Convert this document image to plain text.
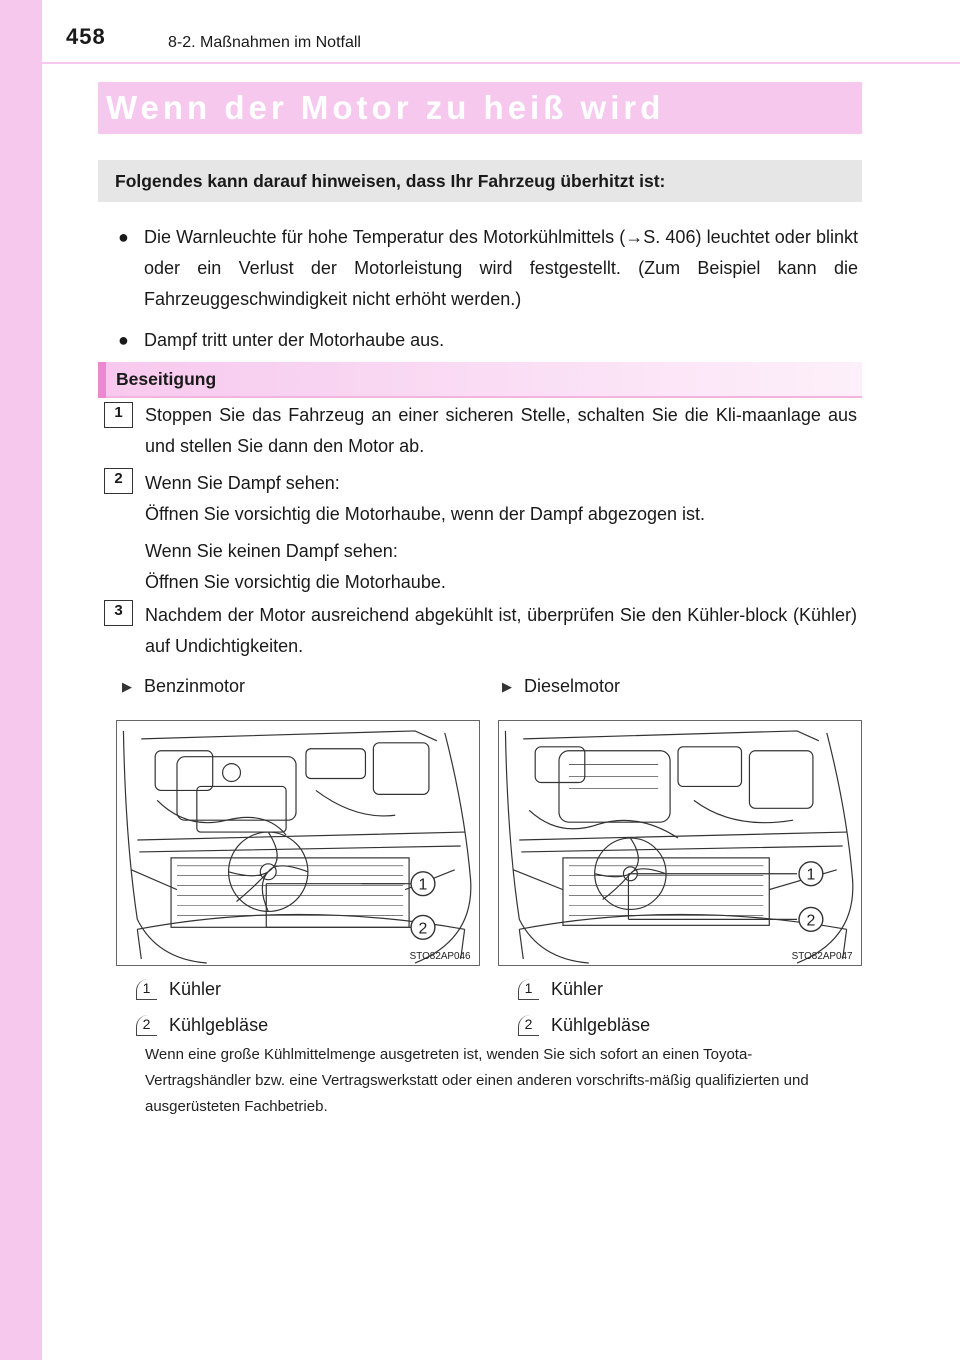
458	8-2. Maßnahmen im Notfall
Wenn der Motor zu heiß wird
Folgendes kann darauf hinweisen, dass Ihr Fahrzeug überhitzt ist:
● Die Warnleuchte für hohe Temperatur des Motorkühlmittels (→S. 406) leuchtet oder blinkt oder ein Verlust der Motorleistung wird festgestellt. (Zum Beispiel kann die Fahrzeuggeschwindigkeit nicht erhöht werden.)
● Dampf tritt unter der Motorhaube aus.
Beseitigung
1	Stoppen Sie das Fahrzeug an einer sicheren Stelle, schalten Sie die Kli-maanlage aus und stellen Sie dann den Motor ab.
2	Wenn Sie Dampf sehen:
Öffnen Sie vorsichtig die Motorhaube, wenn der Dampf abgezogen ist.
Wenn Sie keinen Dampf sehen:
Öffnen Sie vorsichtig die Motorhaube.
3	Nachdem der Motor ausreichend abgekühlt ist, überprüfen Sie den Kühler-block (Kühler) auf Undichtigkeiten.
▶ Benzinmotor	▶ Dieselmotor
1
2
STO82AP046
1
2
STO82AP047
1	Kühler
2	Kühlgebläse
1	Kühler
2	Kühlgebläse
Wenn eine große Kühlmittelmenge ausgetreten ist, wenden Sie sich sofort an einen Toyota-Vertragshändler bzw. eine Vertragswerkstatt oder einen anderen vorschrifts-mäßig qualifizierten und ausgerüsteten Fachbetrieb.
